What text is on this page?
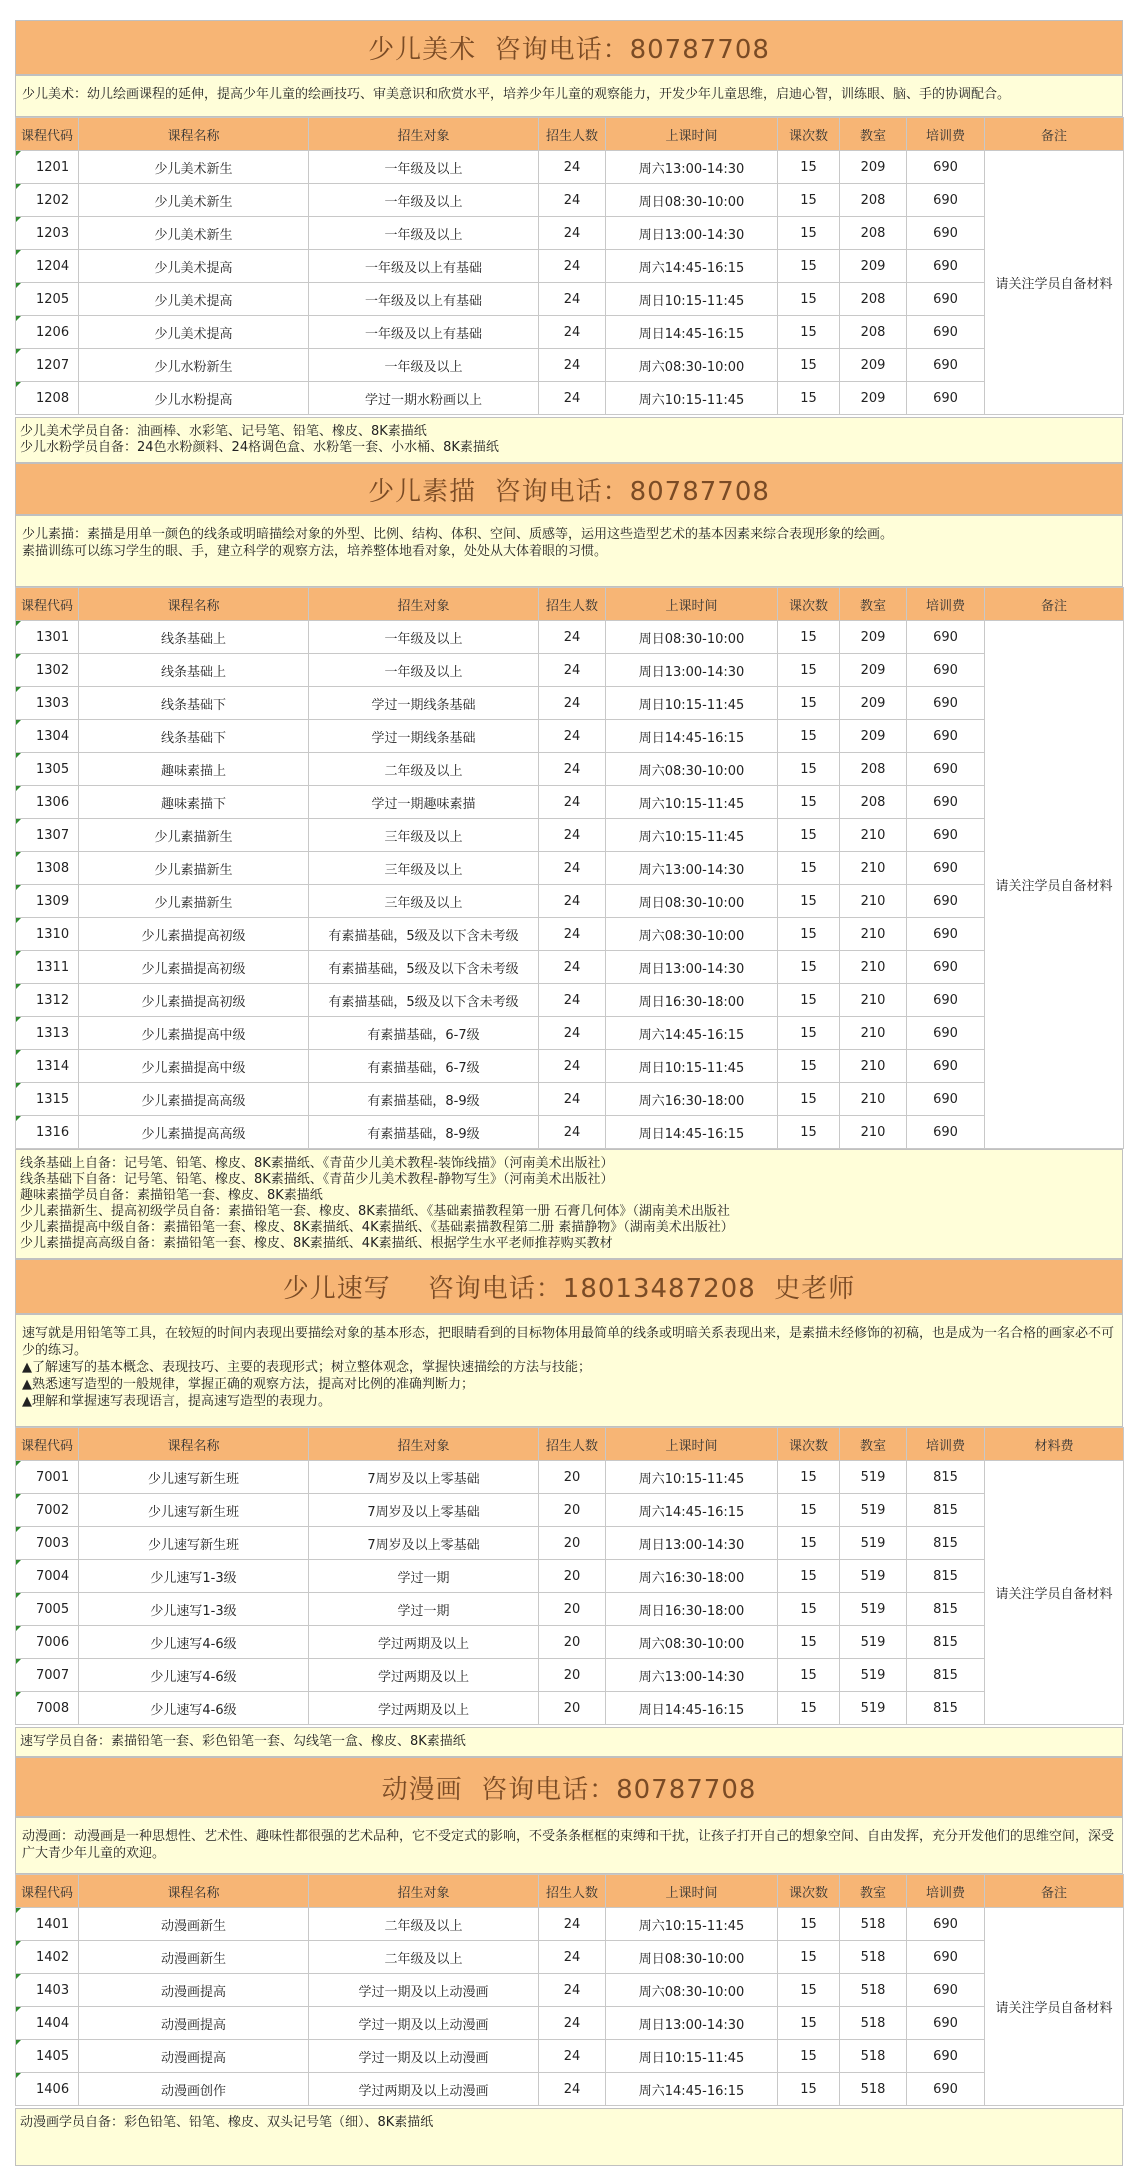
少儿美术  咨询电话：80787708
少儿美术：幼儿绘画课程的延伸，提高少年儿童的绘画技巧、审美意识和欣赏水平，培养少年儿童的观察能力，开发少年儿童思维，启迪心智，训练眼、脑、手的协调配合。
课程代码	课程名称	招生对象	招生人数	上课时间	课次数	教室	培训费	备注
1201	少儿美术新生	一年级及以上	24	周六13:00-14:30	15	209	690	请关注学员自备材料
1202	少儿美术新生	一年级及以上	24	周日08:30-10:00	15	208	690	
1203	少儿美术新生	一年级及以上	24	周日13:00-14:30	15	208	690	
1204	少儿美术提高	一年级及以上有基础	24	周六14:45-16:15	15	209	690	
1205	少儿美术提高	一年级及以上有基础	24	周日10:15-11:45	15	208	690	
1206	少儿美术提高	一年级及以上有基础	24	周日14:45-16:15	15	208	690	
1207	少儿水粉新生	一年级及以上	24	周六08:30-10:00	15	209	690	
1208	少儿水粉提高	学过一期水粉画以上	24	周六10:15-11:45	15	209	690	
少儿美术学员自备：油画棒、水彩笔、记号笔、铅笔、橡皮、8K素描纸
少儿水粉学员自备：24色水粉颜料、24格调色盒、水粉笔一套、小水桶、8K素描纸
少儿素描  咨询电话：80787708
少儿素描：素描是用单一颜色的线条或明暗描绘对象的外型、比例、结构、体积、空间、质感等，运用这些造型艺术的基本因素来综合表现形象的绘画。
素描训练可以练习学生的眼、手，建立科学的观察方法，培养整体地看对象，处处从大体着眼的习惯。
课程代码	课程名称	招生对象	招生人数	上课时间	课次数	教室	培训费	备注
1301	线条基础上	一年级及以上	24	周日08:30-10:00	15	209	690	请关注学员自备材料
1302	线条基础上	一年级及以上	24	周日13:00-14:30	15	209	690	
1303	线条基础下	学过一期线条基础	24	周日10:15-11:45	15	209	690	
1304	线条基础下	学过一期线条基础	24	周日14:45-16:15	15	209	690	
1305	趣味素描上	二年级及以上	24	周六08:30-10:00	15	208	690	
1306	趣味素描下	学过一期趣味素描	24	周六10:15-11:45	15	208	690	
1307	少儿素描新生	三年级及以上	24	周六10:15-11:45	15	210	690	
1308	少儿素描新生	三年级及以上	24	周六13:00-14:30	15	210	690	
1309	少儿素描新生	三年级及以上	24	周日08:30-10:00	15	210	690	
1310	少儿素描提高初级	有素描基础，5级及以下含未考级	24	周六08:30-10:00	15	210	690	
1311	少儿素描提高初级	有素描基础，5级及以下含未考级	24	周日13:00-14:30	15	210	690	
1312	少儿素描提高初级	有素描基础，5级及以下含未考级	24	周日16:30-18:00	15	210	690	
1313	少儿素描提高中级	有素描基础，6-7级	24	周六14:45-16:15	15	210	690	
1314	少儿素描提高中级	有素描基础，6-7级	24	周日10:15-11:45	15	210	690	
1315	少儿素描提高高级	有素描基础，8-9级	24	周六16:30-18:00	15	210	690	
1316	少儿素描提高高级	有素描基础，8-9级	24	周日14:45-16:15	15	210	690	
线条基础上自备：记号笔、铅笔、橡皮、8K素描纸、《青苗少儿美术教程-装饰线描》（河南美术出版社）
线条基础下自备：记号笔、铅笔、橡皮、8K素描纸、《青苗少儿美术教程-静物写生》（河南美术出版社）
趣味素描学员自备：素描铅笔一套、橡皮、8K素描纸
少儿素描新生、提高初级学员自备：素描铅笔一套、橡皮、8K素描纸、《基础素描教程第一册 石膏几何体》（湖南美术出版社
少儿素描提高中级自备：素描铅笔一套、橡皮、8K素描纸、4K素描纸、《基础素描教程第二册 素描静物》（湖南美术出版社）
少儿素描提高高级自备：素描铅笔一套、橡皮、8K素描纸、4K素描纸、根据学生水平老师推荐购买教材
少儿速写    咨询电话：18013487208  史老师
速写就是用铅笔等工具，在较短的时间内表现出要描绘对象的基本形态，把眼睛看到的目标物体用最简单的线条或明暗关系表现出来，是素描未经修饰的初稿，也是成为一名合格的画家必不可
少的练习。
▲了解速写的基本概念、表现技巧、主要的表现形式；树立整体观念，掌握快速描绘的方法与技能；
▲熟悉速写造型的一般规律，掌握正确的观察方法，提高对比例的准确判断力；
▲理解和掌握速写表现语言，提高速写造型的表现力。
课程代码	课程名称	招生对象	招生人数	上课时间	课次数	教室	培训费	材料费
7001	少儿速写新生班	7周岁及以上零基础	20	周六10:15-11:45	15	519	815	请关注学员自备材料
7002	少儿速写新生班	7周岁及以上零基础	20	周六14:45-16:15	15	519	815	
7003	少儿速写新生班	7周岁及以上零基础	20	周日13:00-14:30	15	519	815	
7004	少儿速写1-3级	学过一期	20	周六16:30-18:00	15	519	815	
7005	少儿速写1-3级	学过一期	20	周日16:30-18:00	15	519	815	
7006	少儿速写4-6级	学过两期及以上	20	周六08:30-10:00	15	519	815	
7007	少儿速写4-6级	学过两期及以上	20	周六13:00-14:30	15	519	815	
7008	少儿速写4-6级	学过两期及以上	20	周日14:45-16:15	15	519	815	
速写学员自备：素描铅笔一套、彩色铅笔一套、勾线笔一盒、橡皮、8K素描纸
动漫画  咨询电话：80787708
动漫画：动漫画是一种思想性、艺术性、趣味性都很强的艺术品种，它不受定式的影响，不受条条框框的束缚和干扰，让孩子打开自己的想象空间、自由发挥，充分开发他们的思维空间，深受
广大青少年儿童的欢迎。
课程代码	课程名称	招生对象	招生人数	上课时间	课次数	教室	培训费	备注
1401	动漫画新生	二年级及以上	24	周六10:15-11:45	15	518	690	请关注学员自备材料
1402	动漫画新生	二年级及以上	24	周日08:30-10:00	15	518	690	
1403	动漫画提高	学过一期及以上动漫画	24	周六08:30-10:00	15	518	690	
1404	动漫画提高	学过一期及以上动漫画	24	周日13:00-14:30	15	518	690	
1405	动漫画提高	学过一期及以上动漫画	24	周日10:15-11:45	15	518	690	
1406	动漫画创作	学过两期及以上动漫画	24	周六14:45-16:15	15	518	690	
动漫画学员自备：彩色铅笔、铅笔、橡皮、双头记号笔（细）、8K素描纸
